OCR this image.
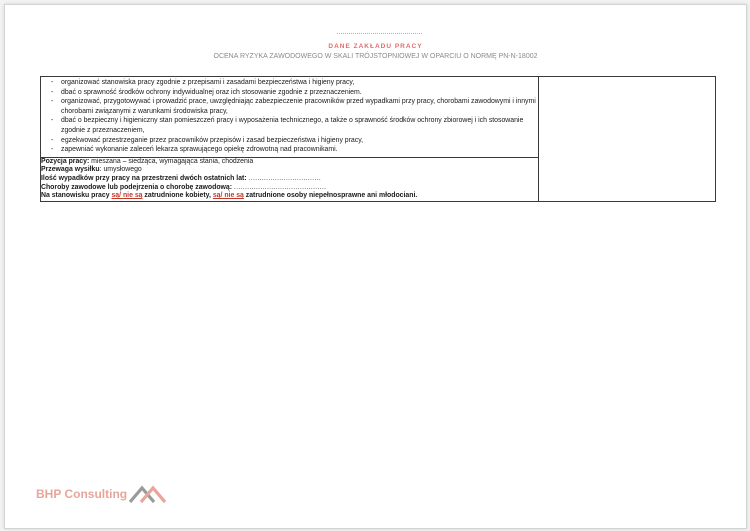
DANE ZAKŁADU PRACY
OCENA RYZYKA ZAWODOWEGO W SKALI TRÓJSTOPNIOWEJ W OPARCIU O NORMĘ PN-N-18002
- organizować stanowiska pracy zgodnie z przepisami i zasadami bezpieczeństwa i higieny pracy,
- dbać o sprawność środków ochrony indywidualnej oraz ich stosowanie zgodnie z przeznaczeniem.
- organizować, przygotowywać i prowadzić prace, uwzględniając zabezpieczenie pracowników przed wypadkami przy pracy, chorobami zawodowymi i innymi chorobami związanymi z warunkami środowiska pracy,
- dbać o bezpieczny i higieniczny stan pomieszczeń pracy i wyposażenia technicznego, a także o sprawność środków ochrony zbiorowej i ich stosowanie zgodnie z przeznaczeniem,
- egzekwować przestrzeganie przez pracowników przepisów i zasad bezpieczeństwa i higieny pracy,
- zapewniać wykonanie zaleceń lekarza sprawującego opiekę zdrowotną nad pracownikami.

Pozycja pracy: mieszana – siedząca, wymagająca stania, chodzenia
Przewaga wysiłku: umysłowego
Ilość wypadków przy pracy na przestrzeni dwóch ostatnich lat: ……………………………
Choroby zawodowe lub podejrzenia o chorobę zawodową: ……………………………………
Na stanowisku pracy są/ nie są zatrudnione kobiety, są/ nie są zatrudnione osoby niepełnosprawne ani młodociani.
BHP Consulting
